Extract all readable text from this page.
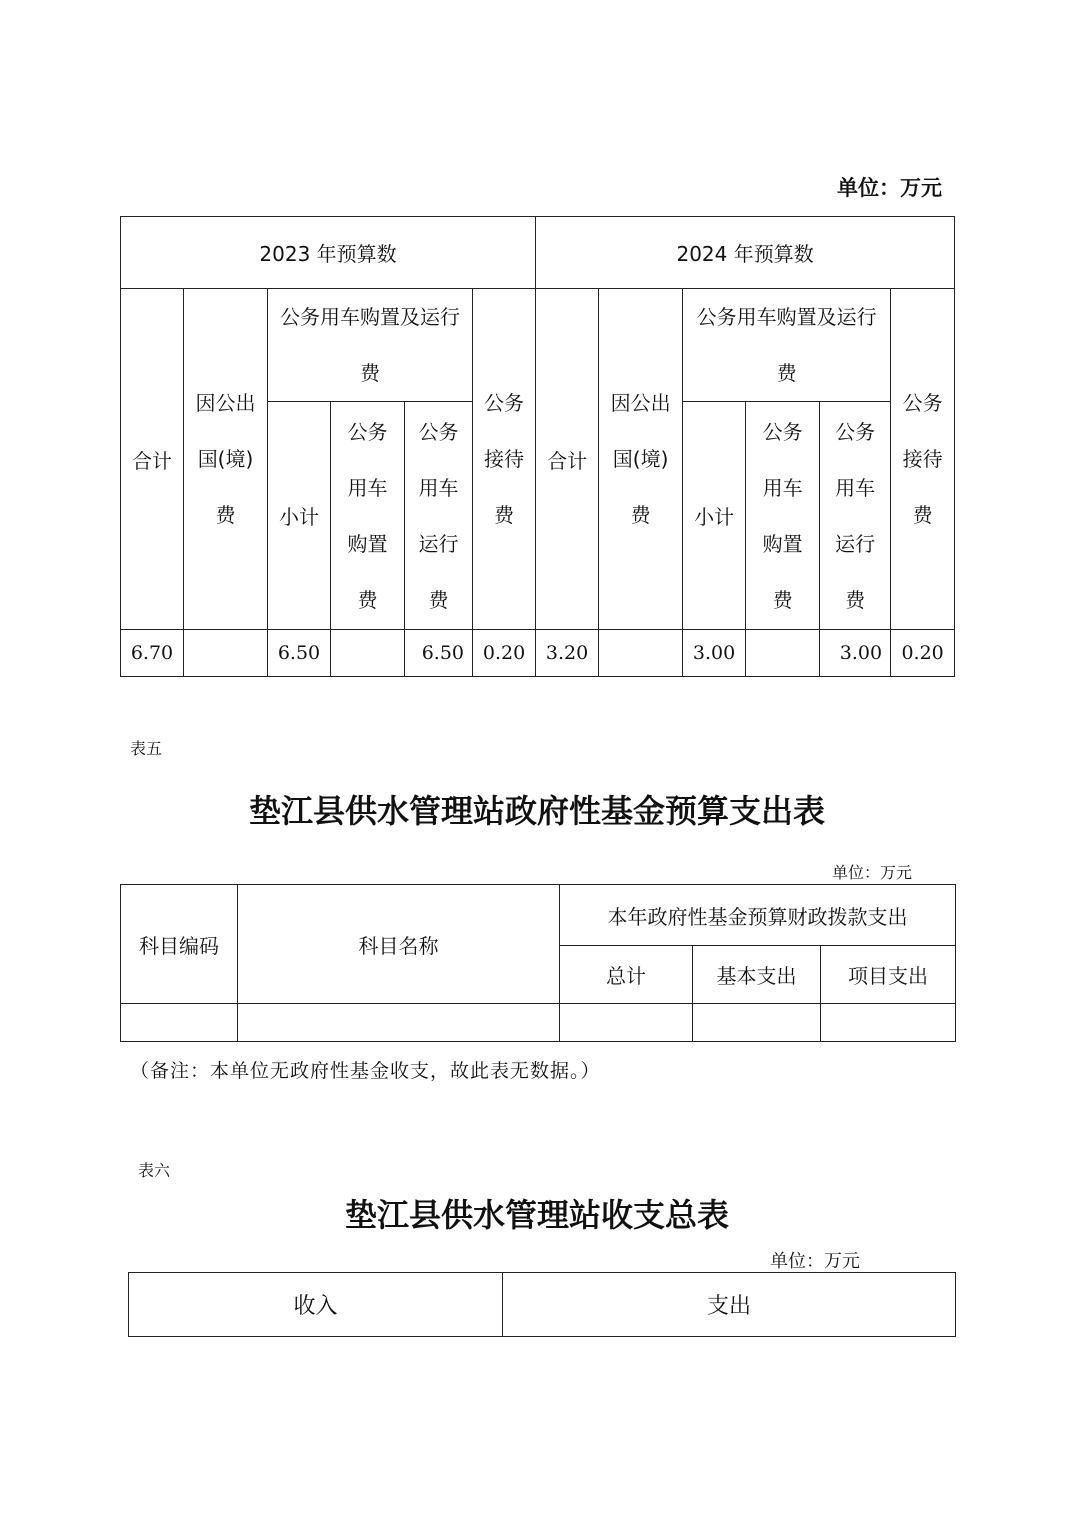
单位：万元
2023 年预算数						2024 年预算数					
合计	因公出国(境)费	公务用车购置及运行费			公务接待费	合计	因公出国(境)费	公务用车购置及运行费			公务接待费
		小计	公务用车购置费	公务用车运行费				小计	公务用车购置费	公务用车运行费	
6.70		6.50		6.50	0.20	3.20		3.00		3.00	0.20
表五
垫江县供水管理站政府性基金预算支出表
单位：万元
科目编码	科目名称	本年政府性基金预算财政拨款支出		
		总计	基本支出	项目支出

（备注：本单位无政府性基金收支，故此表无数据。）
表六
垫江县供水管理站收支总表
单位：万元
收入	支出
